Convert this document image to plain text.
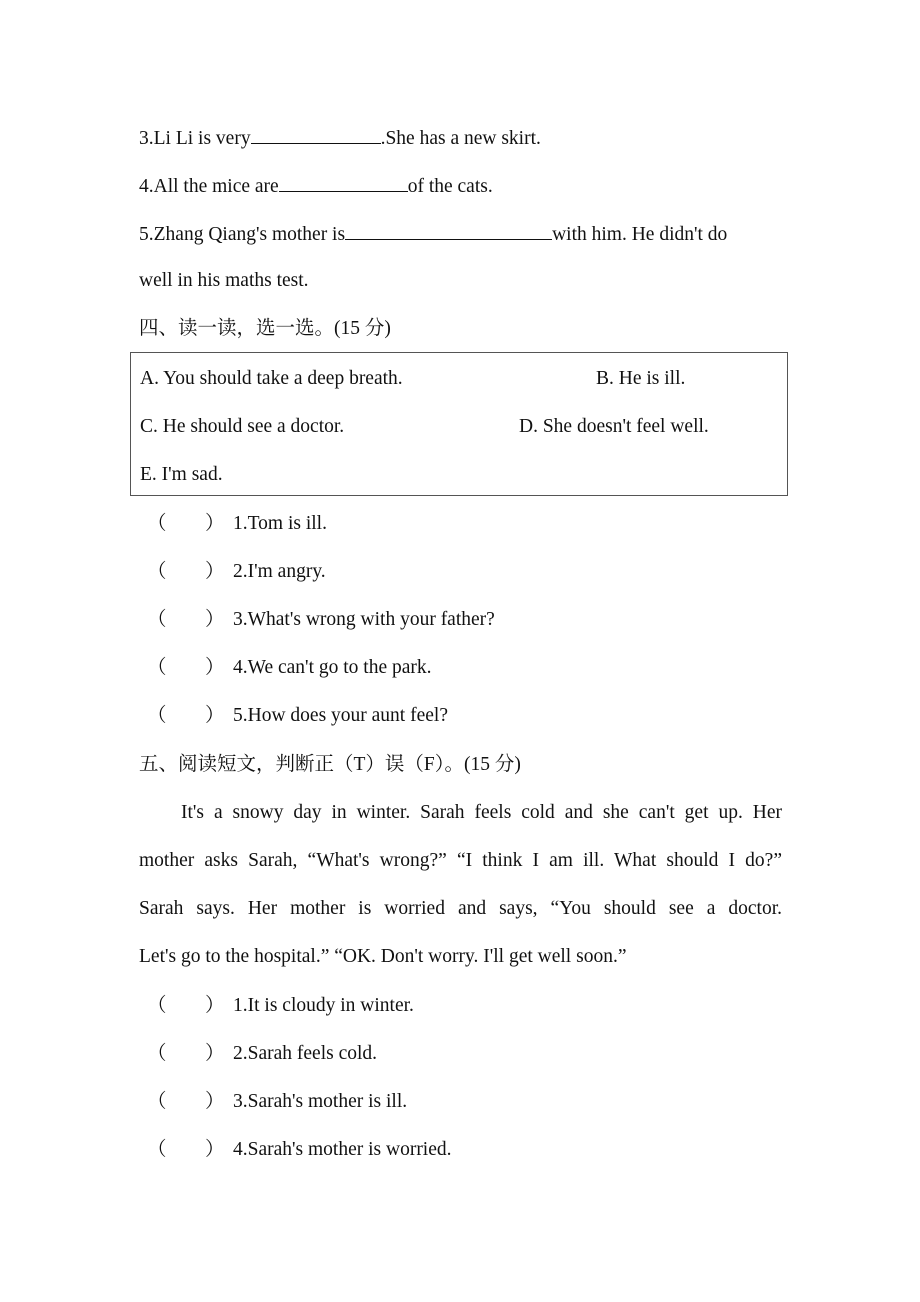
3.Li Li is very	.She has a new skirt.
4.All the mice are	of the cats.
5.Zhang Qiang's mother is	with him. He didn't do
well in his maths test.
四、读一读，选一选。(15 分)
A. You should take a deep breath.	B. He is ill.
C. He should see a doctor.	D. She doesn't feel well.
E. I'm sad.
（ ） 1.Tom is ill.
（ ） 2.I'm angry.
（ ） 3.What's wrong with your father?
（ ） 4.We can't go to the park.
（ ） 5.How does your aunt feel?
五、阅读短文，判断正（T）误（F）。(15 分)
It's a snowy day in winter. Sarah feels cold and she can't get up. Her
mother asks Sarah, “What's wrong?” “I think I am ill. What should I do?”
Sarah says. Her mother is worried and says, “You should see a doctor.
Let's go to the hospital.” “OK. Don't worry. I'll get well soon.”
（ ） 1.It is cloudy in winter.
（ ） 2.Sarah feels cold.
（ ） 3.Sarah's mother is ill.
（ ） 4.Sarah's mother is worried.
